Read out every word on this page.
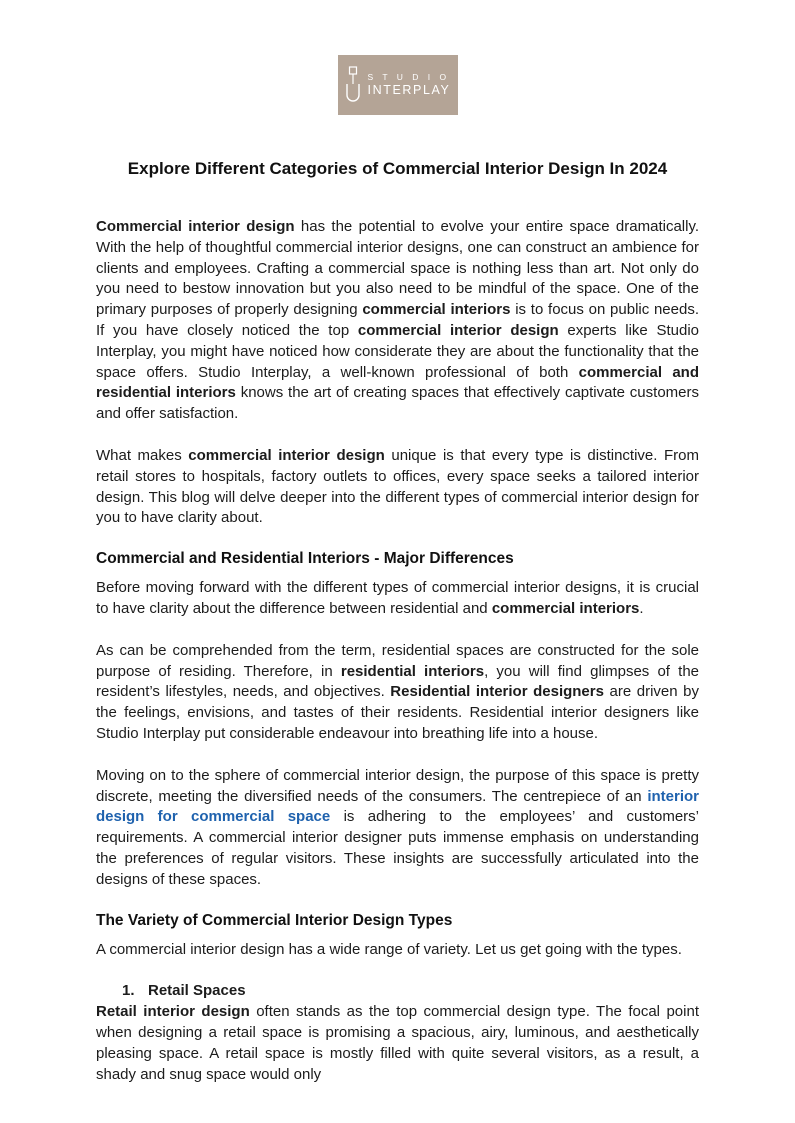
S T U D I O
INTERPLAY
Explore Different Categories of Commercial Interior Design In 2024

Commercial interior design has the potential to evolve your entire space dramatically. With the help of thoughtful commercial interior designs, one can construct an ambience for clients and employees. Crafting a commercial space is nothing less than art. Not only do you need to bestow innovation but you also need to be mindful of the space. One of the primary purposes of properly designing commercial interiors is to focus on public needs. If you have closely noticed the top commercial interior design experts like Studio Interplay, you might have noticed how considerate they are about the functionality that the space offers. Studio Interplay, a well-known professional of both commercial and residential interiors knows the art of creating spaces that effectively captivate customers and offer satisfaction.

What makes commercial interior design unique is that every type is distinctive. From retail stores to hospitals, factory outlets to offices, every space seeks a tailored interior design. This blog will delve deeper into the different types of commercial interior design for you to have clarity about.

Commercial and Residential Interiors - Major Differences

Before moving forward with the different types of commercial interior designs, it is crucial to have clarity about the difference between residential and commercial interiors.

As can be comprehended from the term, residential spaces are constructed for the sole purpose of residing. Therefore, in residential interiors, you will find glimpses of the resident’s lifestyles, needs, and objectives. Residential interior designers are driven by the feelings, envisions, and tastes of their residents. Residential interior designers like Studio Interplay put considerable endeavour into breathing life into a house.

Moving on to the sphere of commercial interior design, the purpose of this space is pretty discrete, meeting the diversified needs of the consumers. The centrepiece of an interior design for commercial space is adhering to the employees’ and customers’ requirements. A commercial interior designer puts immense emphasis on understanding the preferences of regular visitors. These insights are successfully articulated into the designs of these spaces.

The Variety of Commercial Interior Design Types

A commercial interior design has a wide range of variety. Let us get going with the types.

1. Retail Spaces

Retail interior design often stands as the top commercial design type. The focal point when designing a retail space is promising a spacious, airy, luminous, and aesthetically pleasing space. A retail space is mostly filled with quite several visitors, as a result, a shady and snug space would only
